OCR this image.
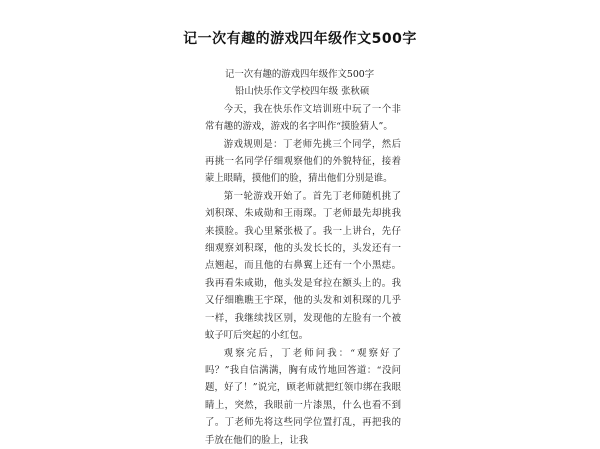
记一次有趣的游戏四年级作文500字
记一次有趣的游戏四年级作文500字
铅山快乐作文学校四年级 张秋硕

今天，我在快乐作文培训班中玩了一个非常有趣的游戏，游戏的名字叫作“摸脸猜人”。

游戏规则是：丁老师先挑三个同学，然后再挑一名同学仔细观察他们的外貌特征，接着蒙上眼睛，摸他们的脸，猜出他们分别是谁。

第一轮游戏开始了。首先丁老师随机挑了刘积琛、朱咸勋和王雨琛。丁老师最先却挑我来摸脸。我心里紧张极了。我一上讲台，先仔细观察刘积琛，他的头发长长的，头发还有一点翘起，而且他的右鼻翼上还有一个小黑痣。我再看朱咸勋，他头发是耷拉在额头上的。我又仔细瞧瞧王宇琛，他的头发和刘积琛的几乎一样，我继续找区别，发现他的左脸有一个被蚊子叮后突起的小红包。

观察完后，丁老师问我：“观察好了吗？”我自信满满，胸有成竹地回答道：“没问题，好了！”说完，顾老师就把红领巾绑在我眼睛上，突然，我眼前一片漆黑，什么也看不到了。丁老师先将这些同学位置打乱，再把我的手放在他们的脸上，让我
